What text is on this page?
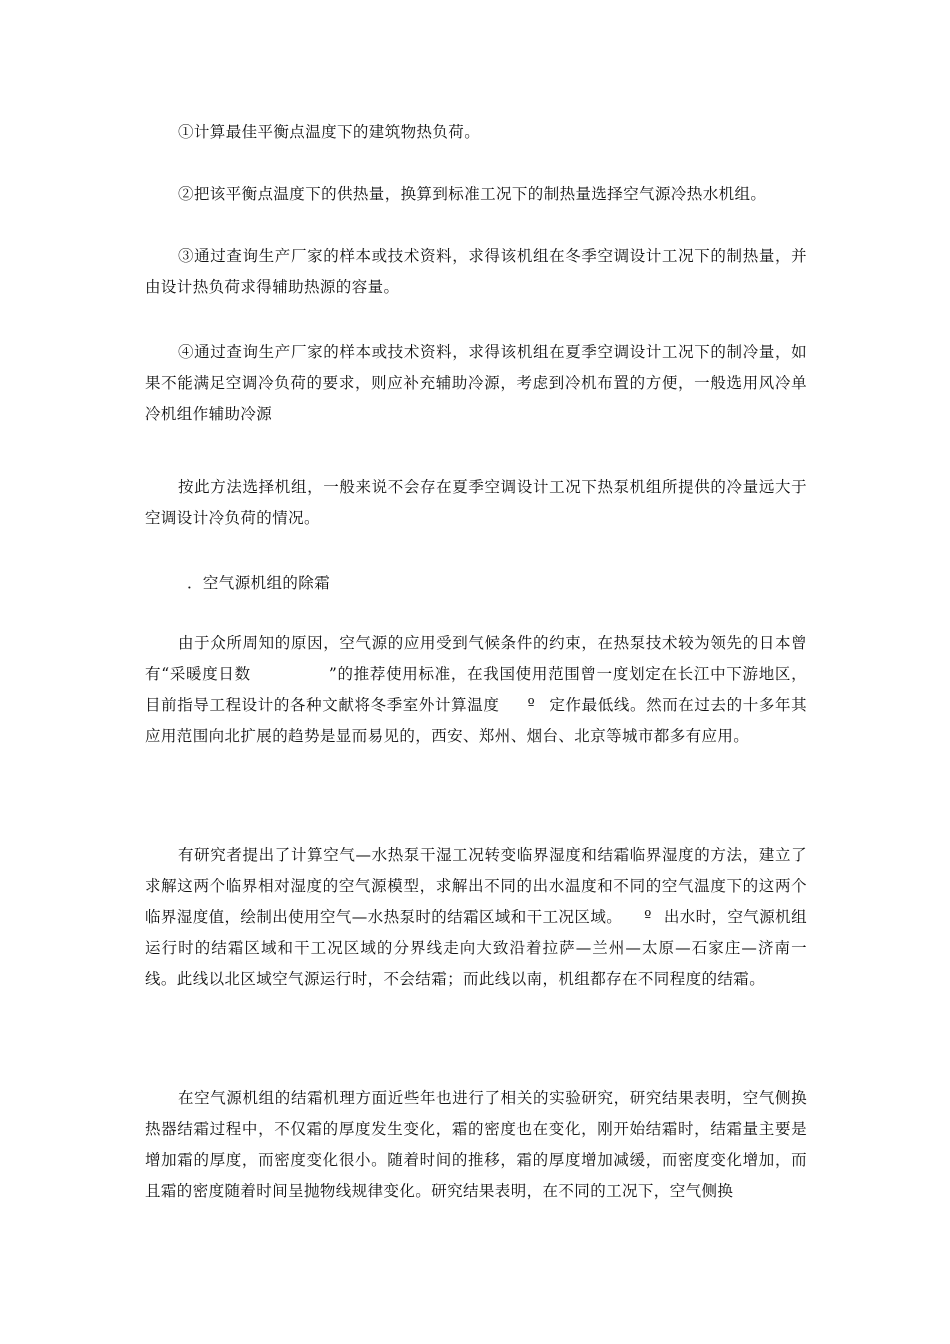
①计算最佳平衡点温度下的建筑物热负荷。

②把该平衡点温度下的供热量，换算到标准工况下的制热量选择空气源冷热水机组。

③通过查询生产厂家的样本或技术资料，求得该机组在冬季空调设计工况下的制热量，并由设计热负荷求得辅助热源的容量。

④通过查询生产厂家的样本或技术资料，求得该机组在夏季空调设计工况下的制冷量，如果不能满足空调冷负荷的要求，则应补充辅助冷源，考虑到冷机布置的方便，一般选用风冷单冷机组作辅助冷源

按此方法选择机组，一般来说不会存在夏季空调设计工况下热泵机组所提供的冷量远大于空调设计冷负荷的情况。

．空气源机组的除霜

由于众所周知的原因，空气源的应用受到气候条件的约束，在热泵技术较为领先的日本曾有“采暖度日数	”的推荐使用标准，在我国使用范围曾一度划定在长江中下游地区，目前指导工程设计的各种文献将冬季室外计算温度 º 定作最低线。然而在过去的十多年其应用范围向北扩展的趋势是显而易见的，西安、郑州、烟台、北京等城市都多有应用。

有研究者提出了计算空气—水热泵干湿工况转变临界湿度和结霜临界湿度的方法，建立了求解这两个临界相对湿度的空气源模型，求解出不同的出水温度和不同的空气温度下的这两个临界湿度值，绘制出使用空气—水热泵时的结霜区域和干工况区域。 º 出水时，空气源机组运行时的结霜区域和干工况区域的分界线走向大致沿着拉萨—兰州—太原—石家庄—济南一线。此线以北区域空气源运行时，不会结霜；而此线以南，机组都存在不同程度的结霜。

在空气源机组的结霜机理方面近些年也进行了相关的实验研究，研究结果表明，空气侧换热器结霜过程中，不仅霜的厚度发生变化，霜的密度也在变化，刚开始结霜时，结霜量主要是增加霜的厚度，而密度变化很小。随着时间的推移，霜的厚度增加减缓，而密度变化增加，而且霜的密度随着时间呈抛物线规律变化。研究结果表明，在不同的工况下，空气侧换
